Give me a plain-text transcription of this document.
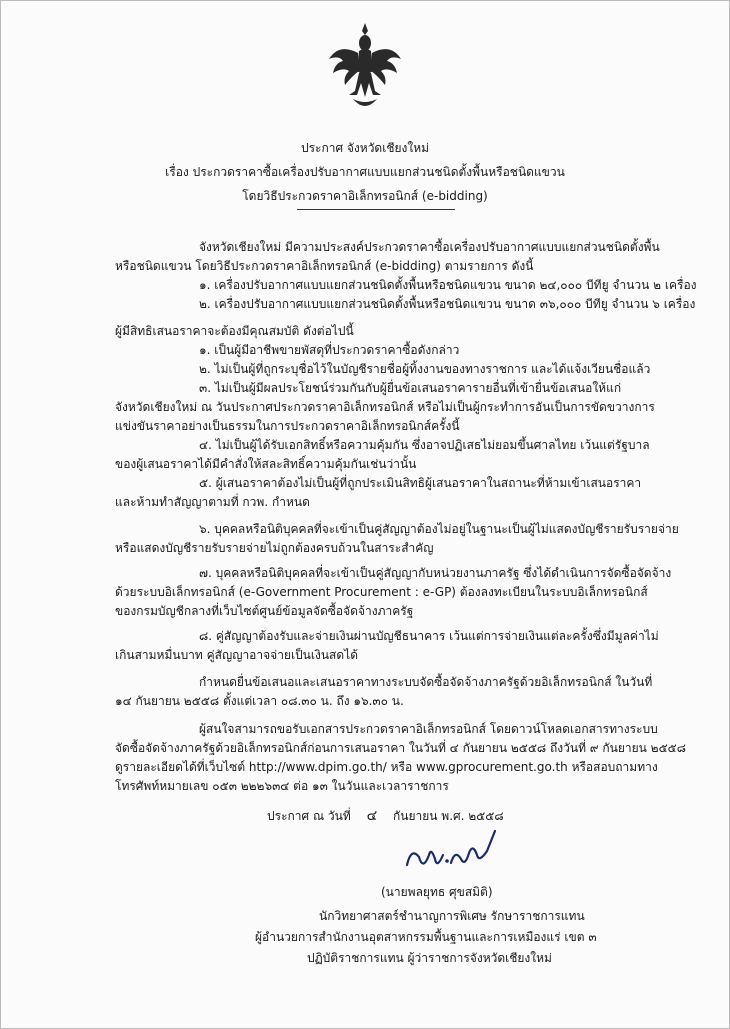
ประกาศ จังหวัดเชียงใหม่
เรื่อง ประกวดราคาซื้อเครื่องปรับอากาศแบบแยกส่วนชนิดตั้งพื้นหรือชนิดแขวน
โดยวิธีประกวดราคาอิเล็กทรอนิกส์ (e-bidding)
จังหวัดเชียงใหม่ มีความประสงค์ประกวดราคาซื้อเครื่องปรับอากาศแบบแยกส่วนชนิดตั้งพื้น
หรือชนิดแขวน โดยวิธีประกวดราคาอิเล็กทรอนิกส์ (e-bidding) ตามรายการ ดังนี้
๑. เครื่องปรับอากาศแบบแยกส่วนชนิดตั้งพื้นหรือชนิดแขวน ขนาด ๒๔,๐๐๐ บีทียู จำนวน ๒ เครื่อง
๒. เครื่องปรับอากาศแบบแยกส่วนชนิดตั้งพื้นหรือชนิดแขวน ขนาด ๓๖,๐๐๐ บีทียู จำนวน ๖ เครื่อง
ผู้มีสิทธิเสนอราคาจะต้องมีคุณสมบัติ ดังต่อไปนี้
๑. เป็นผู้มีอาชีพขายพัสดุที่ประกวดราคาซื้อดังกล่าว
๒. ไม่เป็นผู้ที่ถูกระบุชื่อไว้ในบัญชีรายชื่อผู้ทิ้งงานของทางราชการ และได้แจ้งเวียนชื่อแล้ว
๓. ไม่เป็นผู้มีผลประโยชน์ร่วมกันกับผู้ยื่นข้อเสนอราคารายอื่นที่เข้ายื่นข้อเสนอให้แก่
จังหวัดเชียงใหม่ ณ วันประกาศประกวดราคาอิเล็กทรอนิกส์ หรือไม่เป็นผู้กระทำการอันเป็นการขัดขวางการ
แข่งขันราคาอย่างเป็นธรรมในการประกวดราคาอิเล็กทรอนิกส์ครั้งนี้
๔. ไม่เป็นผู้ได้รับเอกสิทธิ์หรือความคุ้มกัน ซึ่งอาจปฏิเสธไม่ยอมขึ้นศาลไทย เว้นแต่รัฐบาล
ของผู้เสนอราคาได้มีคำสั่งให้สละสิทธิ์ความคุ้มกันเช่นว่านั้น
๕. ผู้เสนอราคาต้องไม่เป็นผู้ที่ถูกประเมินสิทธิผู้เสนอราคาในสถานะที่ห้ามเข้าเสนอราคา
และห้ามทำสัญญาตามที่ กวพ. กำหนด
๖. บุคคลหรือนิติบุคคลที่จะเข้าเป็นคู่สัญญาต้องไม่อยู่ในฐานะเป็นผู้ไม่แสดงบัญชีรายรับรายจ่าย
หรือแสดงบัญชีรายรับรายจ่ายไม่ถูกต้องครบถ้วนในสาระสำคัญ
๗. บุคคลหรือนิติบุคคลที่จะเข้าเป็นคู่สัญญากับหน่วยงานภาครัฐ ซึ่งได้ดำเนินการจัดซื้อจัดจ้าง
ด้วยระบบอิเล็กทรอนิกส์ (e-Government Procurement : e-GP) ต้องลงทะเบียนในระบบอิเล็กทรอนิกส์
ของกรมบัญชีกลางที่เว็บไซต์ศูนย์ข้อมูลจัดซื้อจัดจ้างภาครัฐ
๘. คู่สัญญาต้องรับและจ่ายเงินผ่านบัญชีธนาคาร เว้นแต่การจ่ายเงินแต่ละครั้งซึ่งมีมูลค่าไม่
เกินสามหมื่นบาท คู่สัญญาอาจจ่ายเป็นเงินสดได้
กำหนดยื่นข้อเสนอและเสนอราคาทางระบบจัดซื้อจัดจ้างภาครัฐด้วยอิเล็กทรอนิกส์ ในวันที่
๑๔ กันยายน ๒๕๕๘ ตั้งแต่เวลา ๐๘.๓๐ น. ถึง ๑๖.๓๐ น.
ผู้สนใจสามารถขอรับเอกสารประกวดราคาอิเล็กทรอนิกส์ โดยดาวน์โหลดเอกสารทางระบบ
จัดซื้อจัดจ้างภาครัฐด้วยอิเล็กทรอนิกส์ก่อนการเสนอราคา ในวันที่ ๔ กันยายน ๒๕๕๘ ถึงวันที่ ๙ กันยายน ๒๕๕๘
ดูรายละเอียดได้ที่เว็บไซต์ http://www.dpim.go.th/ หรือ www.gprocurement.go.th หรือสอบถามทาง
โทรศัพท์หมายเลข ๐๕๓ ๒๒๒๖๓๔ ต่อ ๑๓ ในวันและเวลาราชการ
ประกาศ ณ วันที่ ๔ กันยายน พ.ศ. ๒๕๕๘
(นายพลยุทธ ศุขสมิติ)
นักวิทยาศาสตร์ชำนาญการพิเศษ รักษาราชการแทน
ผู้อำนวยการสำนักงานอุตสาหกรรมพื้นฐานและการเหมืองแร่ เขต ๓
ปฏิบัติราชการแทน ผู้ว่าราชการจังหวัดเชียงใหม่
